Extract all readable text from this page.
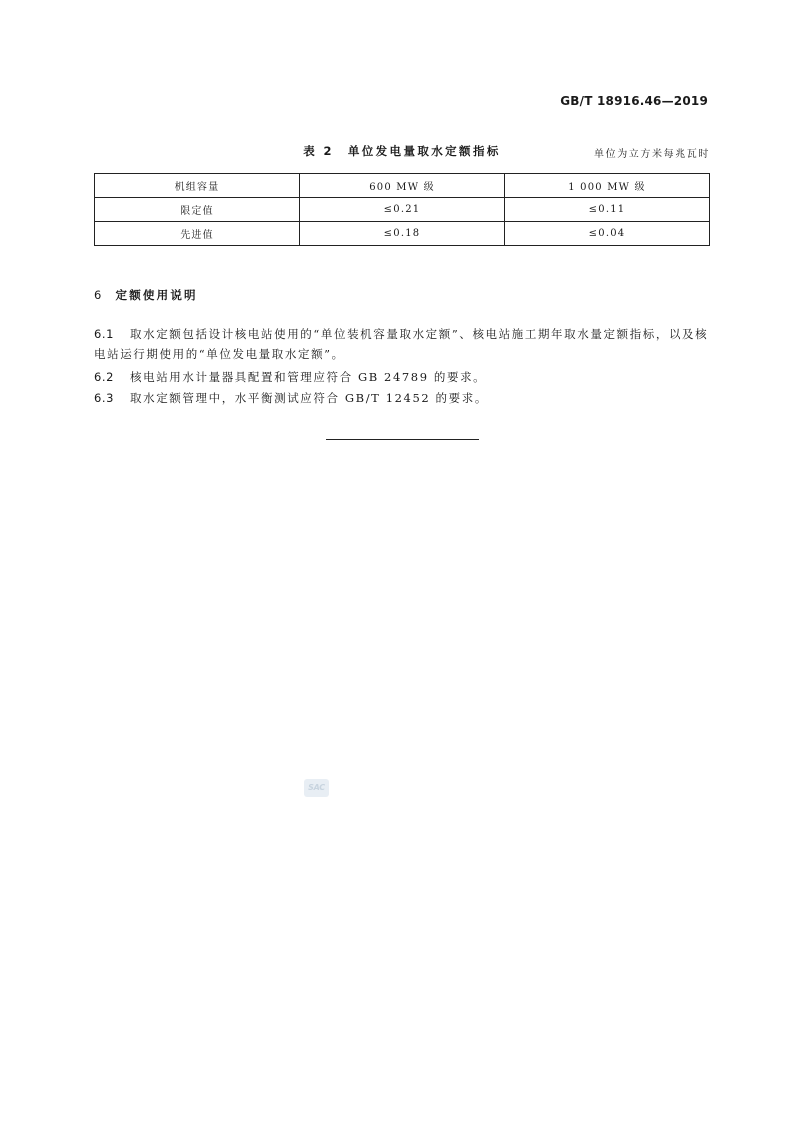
GB/T 18916.46—2019
表 2　单位发电量取水定额指标	单位为立方米每兆瓦时
机组容量	600 MW 级	1 000 MW 级
限定值	≤0.21	≤0.11
先进值	≤0.18	≤0.04
6 定额使用说明
6.1 取水定额包括设计核电站使用的“单位装机容量取水定额”、核电站施工期年取水量定额指标，以及核电站运行期使用的“单位发电量取水定额”。
6.2 核电站用水计量器具配置和管理应符合 GB 24789 的要求。
6.3 取水定额管理中，水平衡测试应符合 GB/T 12452 的要求。
SAC
